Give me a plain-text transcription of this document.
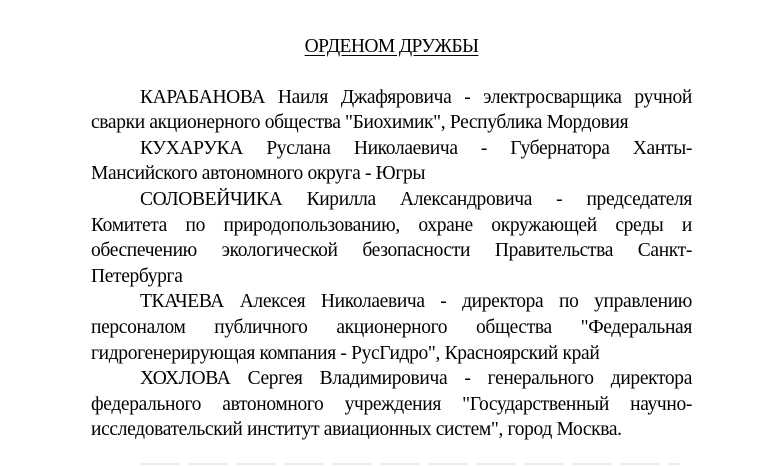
ОРДЕНОМ ДРУЖБЫ

КАРАБАНОВА Наиля Джафяровича - электросварщика ручной сварки акционерного общества "Биохимик", Республика Мордовия

КУХАРУКА Руслана Николаевича - Губернатора Ханты-Мансийского автономного округа - Югры

СОЛОВЕЙЧИКА Кирилла Александровича - председателя Комитета по природопользованию, охране окружающей среды и обеспечению экологической безопасности Правительства Санкт-Петербурга

ТКАЧЕВА Алексея Николаевича - директора по управлению персоналом публичного акционерного общества "Федеральная гидрогенерирующая компания - РусГидро", Красноярский край

ХОХЛОВА Сергея Владимировича - генерального директора федерального автономного учреждения "Государственный научно-исследовательский институт авиационных систем", город Москва.
